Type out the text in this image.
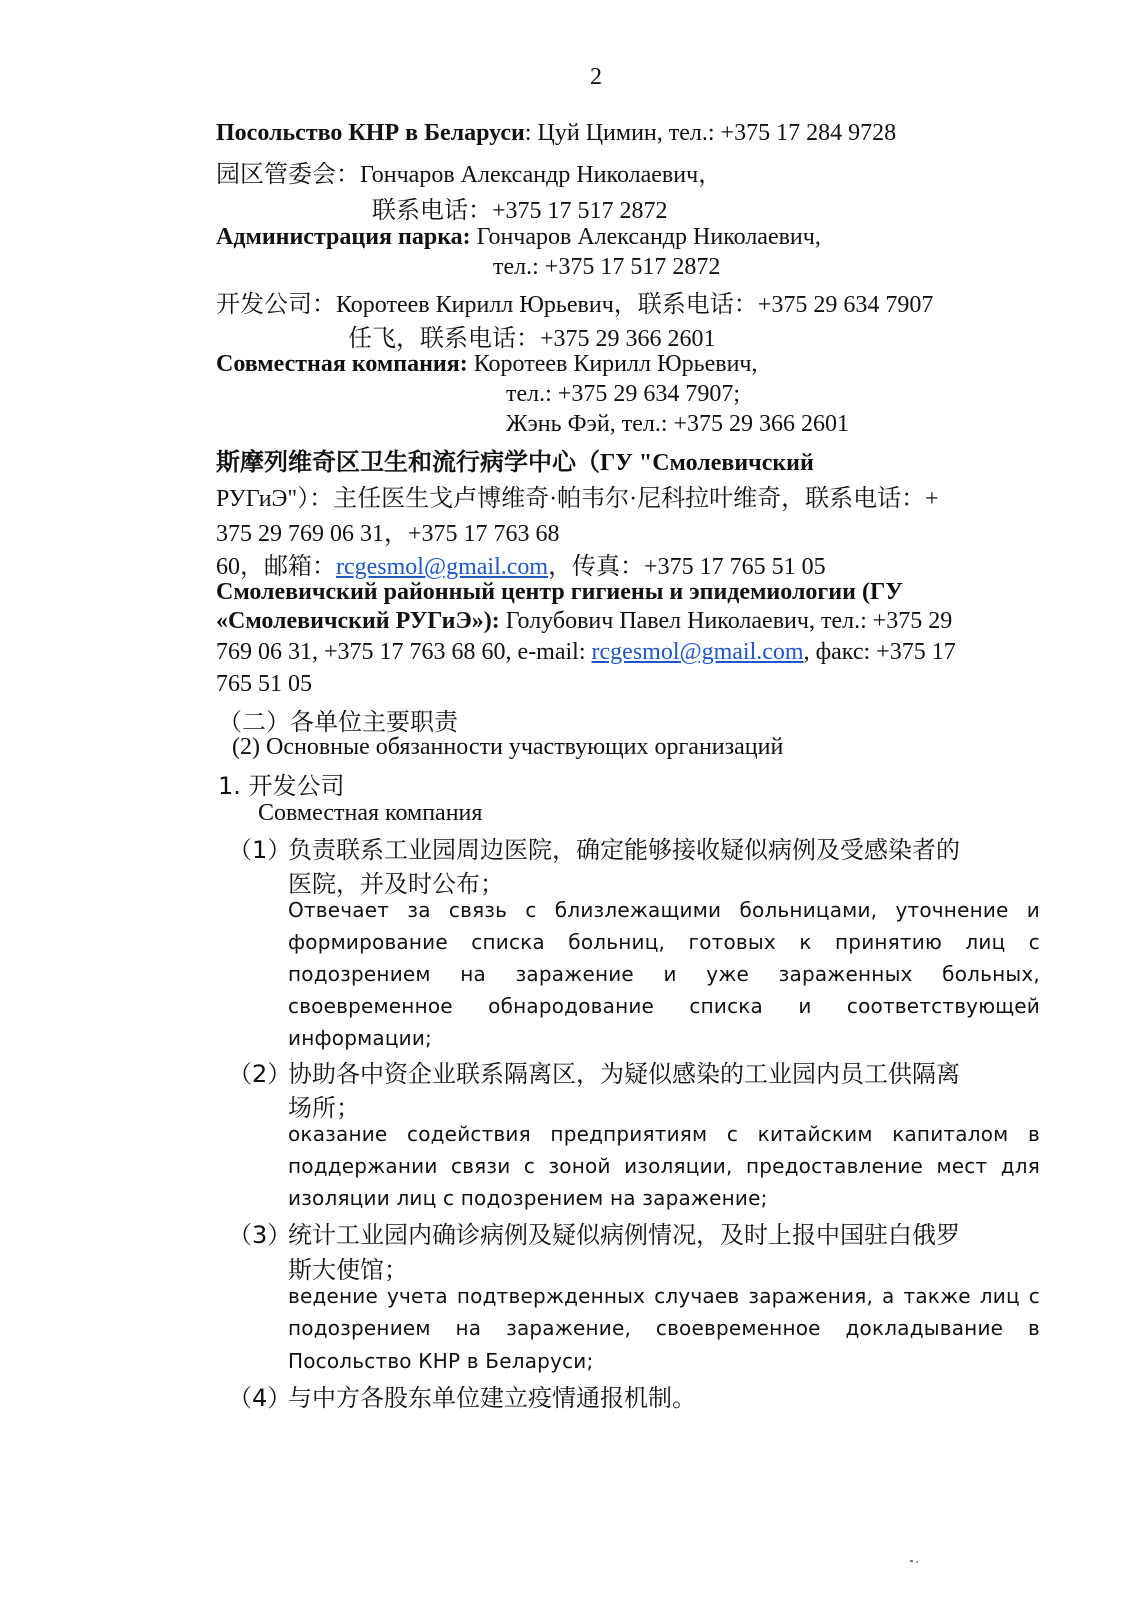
2
Посольство КНР в Беларуси: Цуй Цимин, тел.: +375 17 284 9728
园区管委会：Гончаров Александр Николаевич，
联系电话：+375 17 517 2872
Администрация парка: Гончаров Александр Николаевич,
тел.: +375 17 517 2872
开发公司：Коротеев Кирилл Юрьевич，联系电话：+375 29 634 7907
任飞，联系电话：+375 29 366 2601
Совместная компания: Коротеев Кирилл Юрьевич,
тел.: +375 29 634 7907;
Жэнь Фэй, тел.: +375 29 366 2601
斯摩列维奇区卫生和流行病学中心（ГУ "Смолевичский
РУГиЭ"）：主任医生戈卢博维奇·帕韦尔·尼科拉叶维奇，联系电话：+
375 29 769 06 31，+375 17 763 68
60，邮箱：rcgesmol@gmail.com，传真：+375 17 765 51 05
Смолевичский районный центр гигиены и эпидемиологии (ГУ
«Смолевичский РУГиЭ»): Голубович Павел Николаевич, тел.: +375 29
769 06 31, +375 17 763 68 60, e-mail: rcgesmol@gmail.com, факс: +375 17
765 51 05
（二）各单位主要职责
(2) Основные обязанности участвующих организаций
1. 开发公司
Совместная компания
（1）
负责联系工业园周边医院，确定能够接收疑似病例及受感染者的
医院，并及时公布；
Отвечает за связь с близлежащими больницами, уточнение и
формирование списка больниц, готовых к принятию лиц с
подозрением на заражение и уже зараженных больных,
своевременное обнародование списка и соответствующей
информации;
（2）
协助各中资企业联系隔离区，为疑似感染的工业园内员工供隔离
场所；
оказание содействия предприятиям с китайским капиталом в
поддержании связи с зоной изоляции, предоставление мест для
изоляции лиц с подозрением на заражение;
（3）
统计工业园内确诊病例及疑似病例情况，及时上报中国驻白俄罗
斯大使馆；
ведение учета подтвержденных случаев заражения, а также лиц с
подозрением на заражение, своевременное докладывание в
Посольство КНР в Беларуси;
（4）
与中方各股东单位建立疫情通报机制。
